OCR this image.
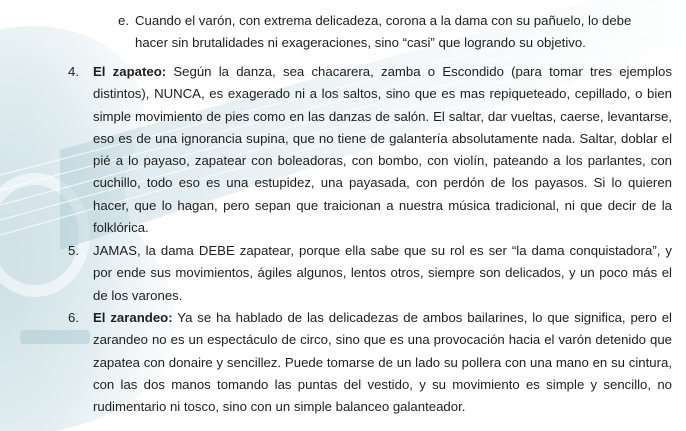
e. Cuando el varón, con extrema delicadeza, corona a la dama con su pañuelo, lo debe
hacer sin brutalidades ni exageraciones, sino “casi” que logrando su objetivo.
4. El zapateo: Según la danza, sea chacarera, zamba o Escondido (para tomar tres ejemplos distintos), NUNCA, es exagerado ni a los saltos, sino que es mas repiqueteado, cepillado, o bien simple movimiento de pies como en las danzas de salón. El saltar, dar vueltas, caerse, levantarse, eso es de una ignorancia supina, que no tiene de galantería absolutamente nada. Saltar, doblar el pié a lo payaso, zapatear con boleadoras, con bombo, con violín, pateando a los parlantes, con cuchillo, todo eso es una estupidez, una payasada, con perdón de los payasos. Si lo quieren hacer, que lo hagan, pero sepan que traicionan a nuestra música tradicional, ni que decir de la folklórica.
5. JAMAS, la dama DEBE zapatear, porque ella sabe que su rol es ser “la dama conquistadora”, y por ende sus movimientos, ágiles algunos, lentos otros, siempre son delicados, y un poco más el de los varones.
6. El zarandeo: Ya se ha hablado de las delicadezas de ambos bailarines, lo que significa, pero el zarandeo no es un espectáculo de circo, sino que es una provocación hacia el varón detenido que zapatea con donaire y sencillez. Puede tomarse de un lado su pollera con una mano en su cintura, con las dos manos tomando las puntas del vestido, y su movimiento es simple y sencillo, no rudimentario ni tosco, sino con un simple balanceo galanteador.
